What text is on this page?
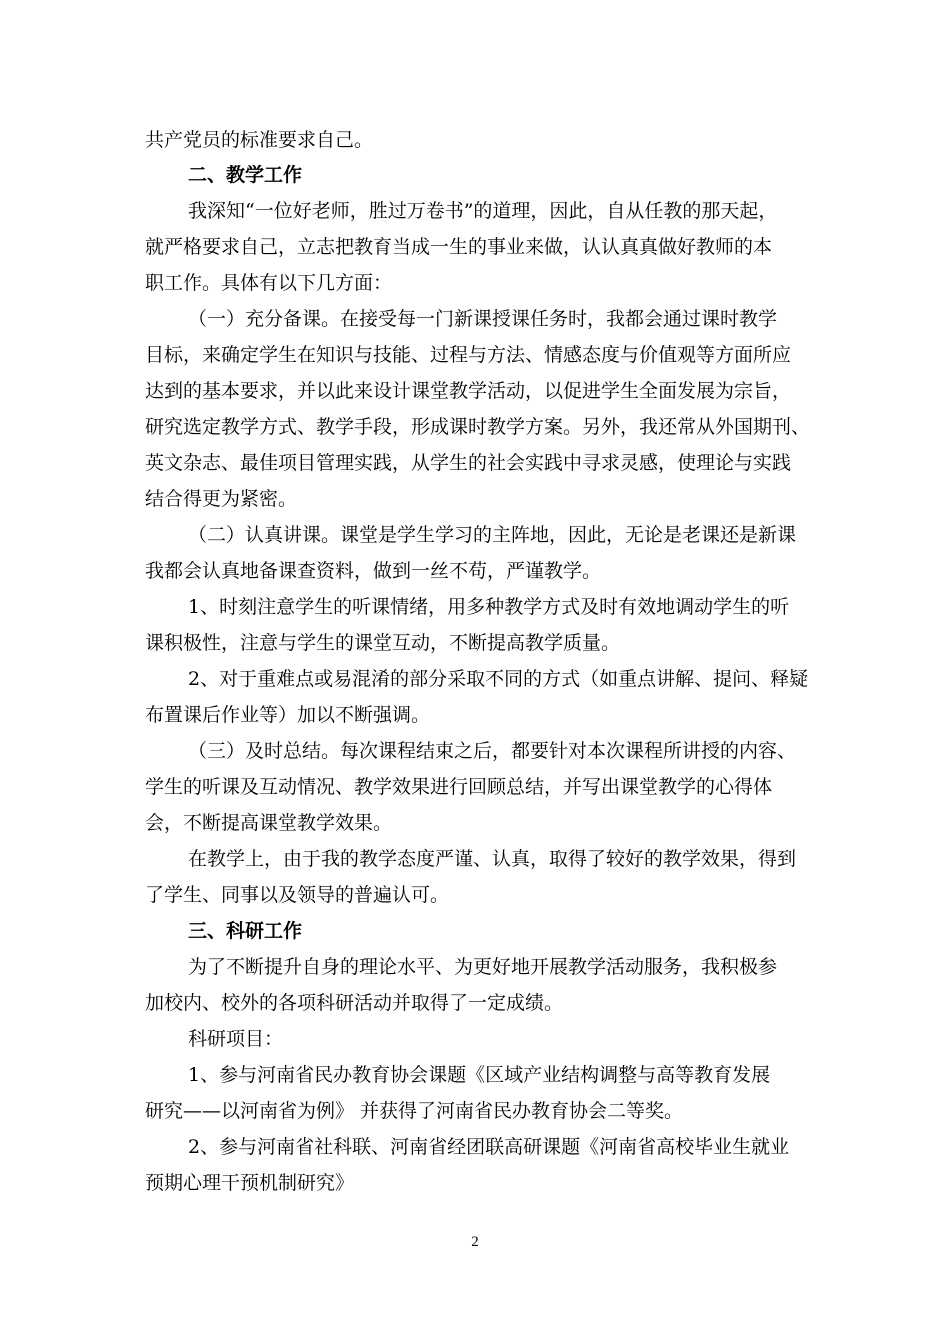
共产党员的标准要求自己。
二、教学工作
我深知“一位好老师，胜过万卷书”的道理，因此，自从任教的那天起，
就严格要求自己，立志把教育当成一生的事业来做，认认真真做好教师的本
职工作。具体有以下几方面：
（一）充分备课。在接受每一门新课授课任务时，我都会通过课时教学
目标，来确定学生在知识与技能、过程与方法、情感态度与价值观等方面所应
达到的基本要求，并以此来设计课堂教学活动，以促进学生全面发展为宗旨，
研究选定教学方式、教学手段，形成课时教学方案。另外，我还常从外国期刊、
英文杂志、最佳项目管理实践，从学生的社会实践中寻求灵感，使理论与实践
结合得更为紧密。
（二）认真讲课。课堂是学生学习的主阵地，因此，无论是老课还是新课
我都会认真地备课查资料，做到一丝不苟，严谨教学。
1、时刻注意学生的听课情绪，用多种教学方式及时有效地调动学生的听
课积极性，注意与学生的课堂互动，不断提高教学质量。
2、对于重难点或易混淆的部分采取不同的方式（如重点讲解、提问、释疑
布置课后作业等）加以不断强调。
（三）及时总结。每次课程结束之后，都要针对本次课程所讲授的内容、
学生的听课及互动情况、教学效果进行回顾总结，并写出课堂教学的心得体
会，不断提高课堂教学效果。
在教学上，由于我的教学态度严谨、认真，取得了较好的教学效果，得到
了学生、同事以及领导的普遍认可。
三、科研工作
为了不断提升自身的理论水平、为更好地开展教学活动服务，我积极参
加校内、校外的各项科研活动并取得了一定成绩。
科研项目：
1、参与河南省民办教育协会课题《区域产业结构调整与高等教育发展
研究——以河南省为例》 并获得了河南省民办教育协会二等奖。
2、参与河南省社科联、河南省经团联高研课题《河南省高校毕业生就业
预期心理干预机制研究》
2
